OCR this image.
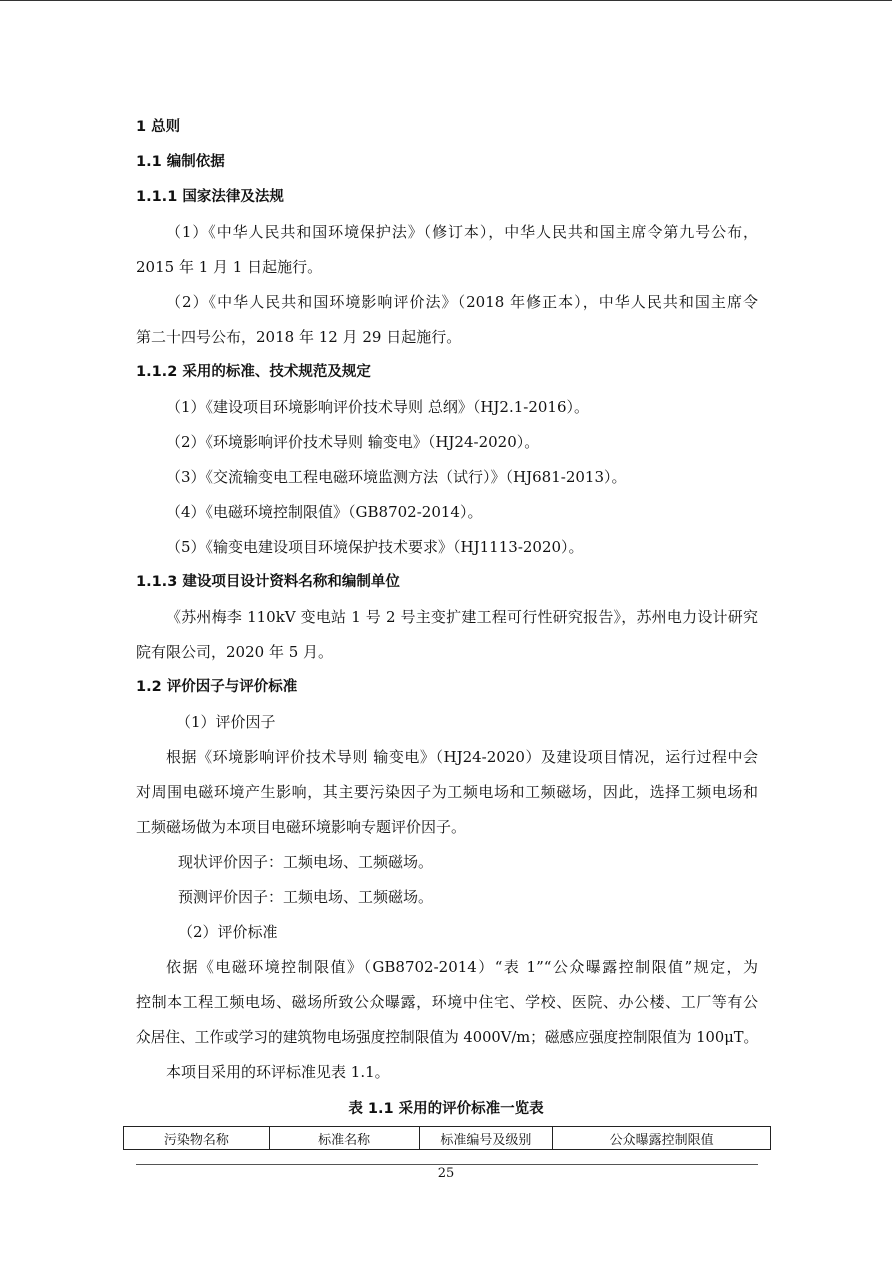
1 总则
1.1 编制依据
1.1.1 国家法律及法规
（1）《中华人民共和国环境保护法》（修订本），中华人民共和国主席令第九号公布，
2015 年 1 月 1 日起施行。
（2）《中华人民共和国环境影响评价法》（2018 年修正本），中华人民共和国主席令
第二十四号公布，2018 年 12 月 29 日起施行。
1.1.2 采用的标准、技术规范及规定
（1）《建设项目环境影响评价技术导则 总纲》（HJ2.1-2016）。
（2）《环境影响评价技术导则 输变电》（HJ24-2020）。
（3）《交流输变电工程电磁环境监测方法（试行）》（HJ681-2013）。
（4）《电磁环境控制限值》（GB8702-2014）。
（5）《输变电建设项目环境保护技术要求》（HJ1113-2020）。
1.1.3 建设项目设计资料名称和编制单位
《苏州梅李 110kV 变电站 1 号 2 号主变扩建工程可行性研究报告》，苏州电力设计研究
院有限公司，2020 年 5 月。
1.2 评价因子与评价标准
（1）评价因子
根据《环境影响评价技术导则 输变电》（HJ24-2020）及建设项目情况，运行过程中会
对周围电磁环境产生影响，其主要污染因子为工频电场和工频磁场，因此，选择工频电场和
工频磁场做为本项目电磁环境影响专题评价因子。
现状评价因子：工频电场、工频磁场。
预测评价因子：工频电场、工频磁场。
（2）评价标准
依据《电磁环境控制限值》（GB8702-2014）“表 1”“公众曝露控制限值”规定，为
控制本工程工频电场、磁场所致公众曝露，环境中住宅、学校、医院、办公楼、工厂等有公
众居住、工作或学习的建筑物电场强度控制限值为 4000V/m；磁感应强度控制限值为 100μT。
本项目采用的环评标准见表 1.1。
表 1.1 采用的评价标准一览表
污染物名称	标准名称	标准编号及级别	公众曝露控制限值
25
